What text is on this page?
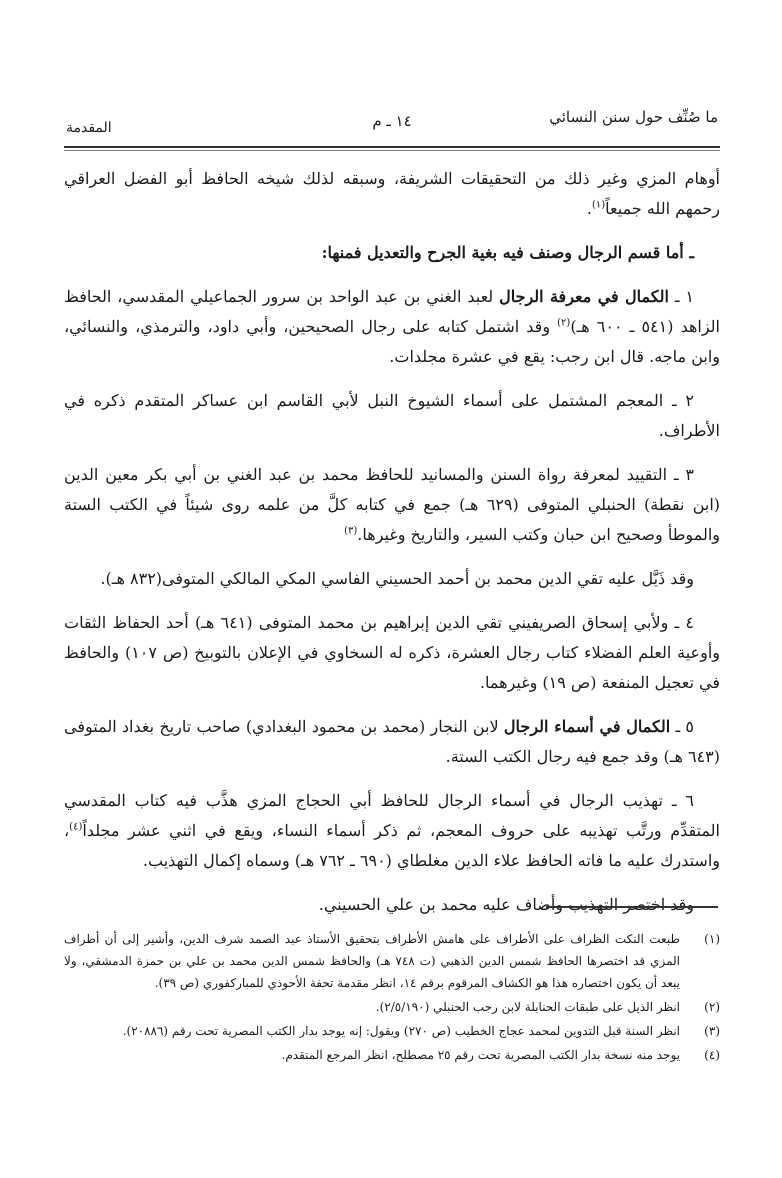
ما صُنِّف حول سنن النسائي
١٤ ـ م
المقدمة

أوهام المزي وغير ذلك من التحقيقات الشريفة، وسبقه لذلك شيخه الحافظ أبو الفضل العراقي رحمهم الله جميعاً$^{(١)}$.

ـ أما قسم الرجال وصنف فيه بغية الجرح والتعديل فمنها:

١ ـ الكمال في معرفة الرجال لعبد الغني بن عبد الواحد بن سرور الجماعيلي المقدسي، الحافظ الزاهد (٥٤١ ـ ٦٠٠ هـ)$^{(٢)}$ وقد اشتمل كتابه على رجال الصحيحين، وأبي داود، والترمذي، والنسائي، وابن ماجه. قال ابن رجب: يقع في عشرة مجلدات.

٢ ـ المعجم المشتمل على أسماء الشيوخ النبل لأبي القاسم ابن عساكر المتقدم ذكره في الأطراف.

٣ ـ التقييد لمعرفة رواة السنن والمسانيد للحافظ محمد بن عبد الغني بن أبي بكر معين الدين (ابن نقطة) الحنبلي المتوفى (٦٢٩ هـ) جمع في كتابه كلَّ من علمه روى شيئاً في الكتب الستة والموطأ وصحيح ابن حبان وكتب السير، والتاريخ وغيرها.$^{(٣)}$

وقد ذَيَّل عليه تقي الدين محمد بن أحمد الحسيني الفاسي المكي المالكي المتوفى(٨٣٢ هـ).

٤ ـ ولأبي إسحاق الصريفيني تقي الدين إبراهيم بن محمد المتوفى (٦٤١ هـ) أحد الحفاظ الثقات وأوعية العلم الفضلاء كتاب رجال العشرة، ذكره له السخاوي في الإعلان بالتوبيخ (ص ١٠٧) والحافظ في تعجيل المنفعة (ص ١٩) وغيرهما.

٥ ـ الكمال في أسماء الرجال لابن النجار (محمد بن محمود البغدادي) صاحب تاريخ بغداد المتوفى (٦٤٣ هـ) وقد جمع فيه رجال الكتب الستة.

٦ ـ تهذيب الرجال في أسماء الرجال للحافظ أبي الحجاج المزي هذَّب فيه كتاب المقدسي المتقدِّم ورتَّب تهذيبه على حروف المعجم، ثم ذكر أسماء النساء، ويقع في اثني عشر مجلداً$^{(٤)}$، واستدرك عليه ما فاته الحافظ علاء الدين مغلطاي (٦٩٠ ـ ٧٦٢ هـ) وسماه إكمال التهذيب.

وقد اختصر التهذيب وأضاف عليه محمد بن علي الحسيني.

(١)
طبعت النكت الظراف على الأطراف على هامش الأطراف بتحقيق الأستاذ عبد الصمد شرف الدين، وأشير إلى أن أطراف المزي قد اختصرها الحافظ شمس الدين الذهبي (ت ٧٤٨ هـ) والحافظ شمس الدين محمد بن علي بن حمزة الدمشقي، ولا يبعد أن يكون اختصاره هذا هو الكشاف المرقوم برقم ١٤، انظر مقدمة تحفة الأحوذي للمباركفوري (ص ٣٩).

(٢)
انظر الذيل على طبقات الحنابلة لابن رجب الحنبلي (٢/٥/١٩٠).

(٣)
انظر السنة قبل التدوين لمحمد عجاج الخطيب (ص ٢٧٠) ويقول: إنه يوجد بدار الكتب المصرية تحت رقم (٢٠٨٨٦).

(٤)
يوجد منه نسخة بدار الكتب المصرية تحت رقم ٢٥ مصطلح، انظر المرجع المتقدم.
